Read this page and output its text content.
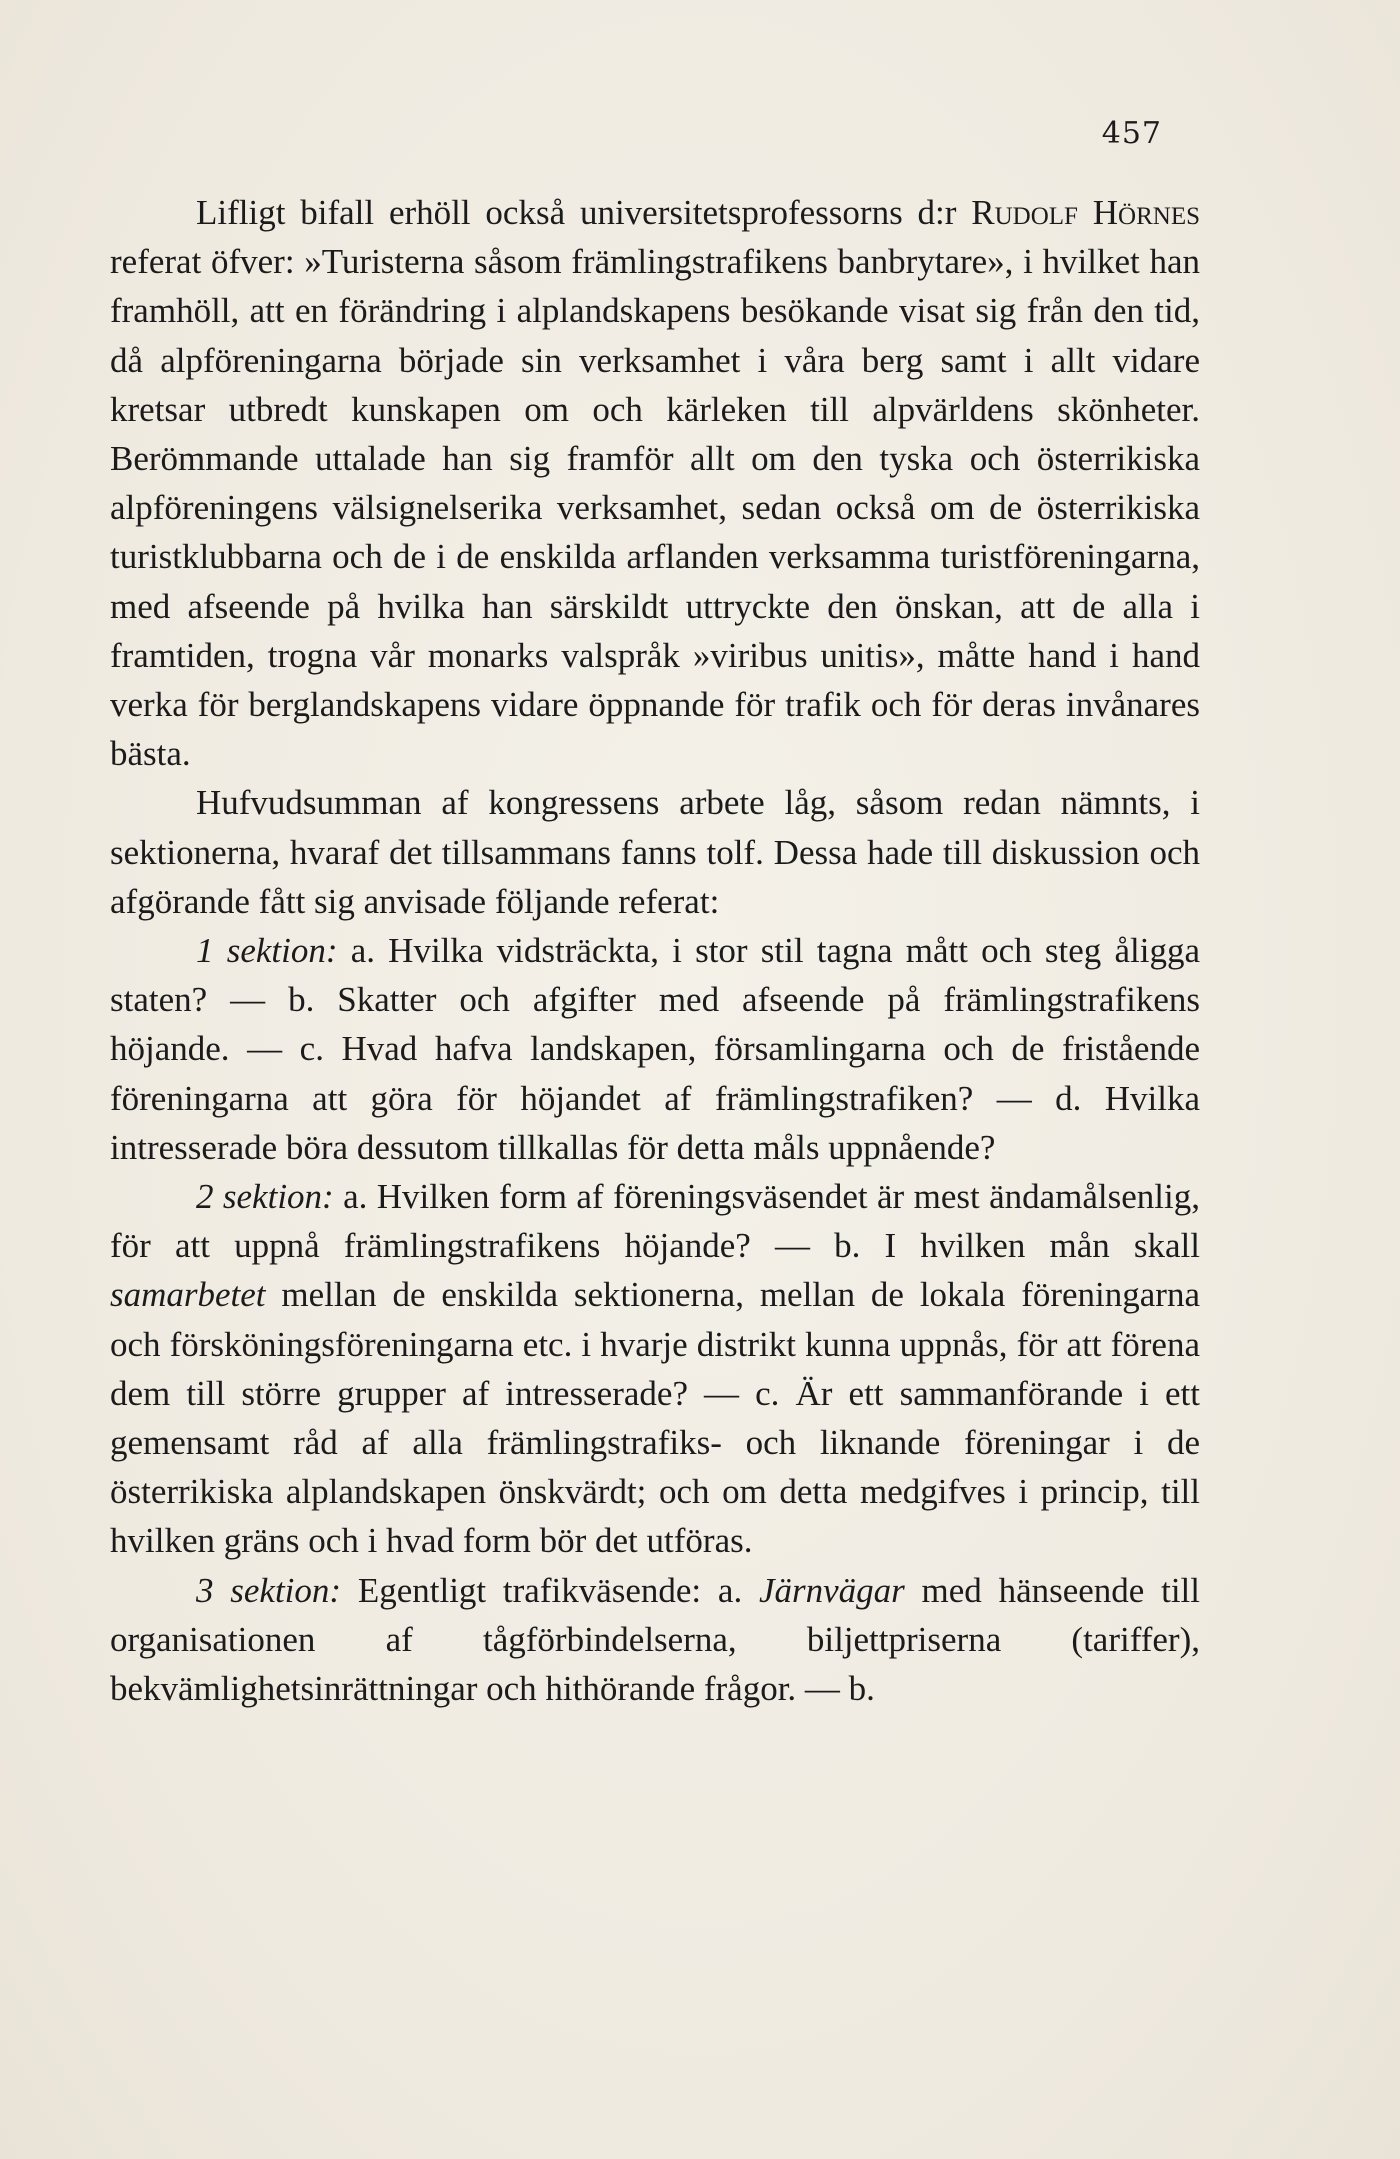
457

Lifligt bifall erhöll också universitetsprofessorns d:r Rudolf Hörnes referat öfver: »Turisterna såsom främlingstrafikens banbrytare», i hvilket han framhöll, att en förändring i alplandskapens besökande visat sig från den tid, då alpföreningarna började sin verksamhet i våra berg samt i allt vidare kretsar utbredt kunskapen om och kärleken till alpvärldens skönheter. Berömmande uttalade han sig framför allt om den tyska och österrikiska alpföreningens välsignelserika verksamhet, sedan också om de österrikiska turistklubbarna och de i de enskilda arflanden verksamma turistföreningarna, med afseende på hvilka han särskildt uttryckte den önskan, att de alla i framtiden, trogna vår monarks valspråk »viribus unitis», måtte hand i hand verka för berglandskapens vidare öppnande för trafik och för deras invånares bästa.

Hufvudsumman af kongressens arbete låg, såsom redan nämnts, i sektionerna, hvaraf det tillsammans fanns tolf. Dessa hade till diskussion och afgörande fått sig anvisade följande referat:

1 sektion: a. Hvilka vidsträckta, i stor stil tagna mått och steg åligga staten? — b. Skatter och afgifter med afseende på främlingstrafikens höjande. — c. Hvad hafva landskapen, församlingarna och de fristående föreningarna att göra för höjandet af främlingstrafiken? — d. Hvilka intresserade böra dessutom tillkallas för detta måls uppnående?

2 sektion: a. Hvilken form af föreningsväsendet är mest ändamålsenlig, för att uppnå främlingstrafikens höjande? — b. I hvilken mån skall samarbetet mellan de enskilda sektionerna, mellan de lokala föreningarna och försköningsföreningarna etc. i hvarje distrikt kunna uppnås, för att förena dem till större grupper af intresserade? — c. Är ett sammanförande i ett gemensamt råd af alla främlingstrafiks- och liknande föreningar i de österrikiska alplandskapen önskvärdt; och om detta medgifves i princip, till hvilken gräns och i hvad form bör det utföras.

3 sektion: Egentligt trafikväsende: a. Järnvägar med hänseende till organisationen af tågförbindelserna, biljettpriserna (tariffer), bekvämlighetsinrättningar och hithörande frågor. — b.
